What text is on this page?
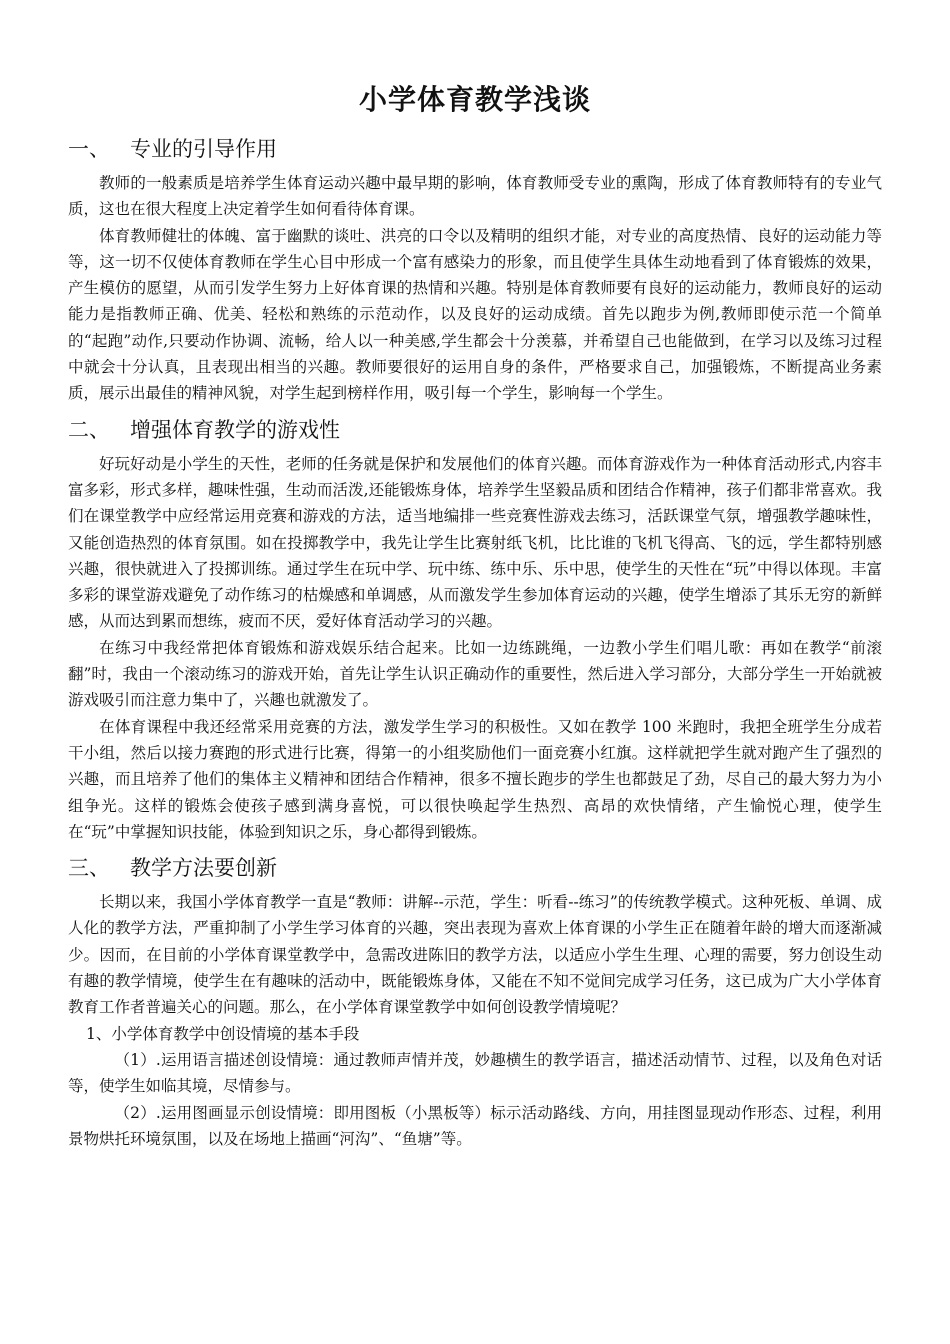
小学体育教学浅谈
一、 专业的引导作用

教师的一般素质是培养学生体育运动兴趣中最早期的影响，体育教师受专业的熏陶，形成了体育教师特有的专业气质，这也在很大程度上决定着学生如何看待体育课。

体育教师健壮的体魄、富于幽默的谈吐、洪亮的口令以及精明的组织才能，对专业的高度热情、良好的运动能力等等，这一切不仅使体育教师在学生心目中形成一个富有感染力的形象，而且使学生具体生动地看到了体育锻炼的效果，产生模仿的愿望，从而引发学生努力上好体育课的热情和兴趣。特别是体育教师要有良好的运动能力，教师良好的运动能力是指教师正确、优美、轻松和熟练的示范动作，以及良好的运动成绩。首先以跑步为例,教师即使示范一个简单的“起跑”动作,只要动作协调、流畅，给人以一种美感,学生都会十分羡慕，并希望自己也能做到，在学习以及练习过程中就会十分认真，且表现出相当的兴趣。教师要很好的运用自身的条件，严格要求自己，加强锻炼，不断提高业务素质，展示出最佳的精神风貌，对学生起到榜样作用，吸引每一个学生，影响每一个学生。

二、 增强体育教学的游戏性

好玩好动是小学生的天性，老师的任务就是保护和发展他们的体育兴趣。而体育游戏作为一种体育活动形式,内容丰富多彩，形式多样，趣味性强，生动而活泼,还能锻炼身体，培养学生坚毅品质和团结合作精神，孩子们都非常喜欢。我们在课堂教学中应经常运用竞赛和游戏的方法，适当地编排一些竞赛性游戏去练习，活跃课堂气氛，增强教学趣味性，又能创造热烈的体育氛围。如在投掷教学中，我先让学生比赛射纸飞机，比比谁的飞机飞得高、飞的远，学生都特别感兴趣，很快就进入了投掷训练。通过学生在玩中学、玩中练、练中乐、乐中思，使学生的天性在“玩”中得以体现。丰富多彩的课堂游戏避免了动作练习的枯燥感和单调感，从而激发学生参加体育运动的兴趣，使学生增添了其乐无穷的新鲜感，从而达到累而想练，疲而不厌，爱好体育活动学习的兴趣。

在练习中我经常把体育锻炼和游戏娱乐结合起来。比如一边练跳绳，一边教小学生们唱儿歌：再如在教学“前滚翻”时，我由一个滚动练习的游戏开始，首先让学生认识正确动作的重要性，然后进入学习部分，大部分学生一开始就被游戏吸引而注意力集中了，兴趣也就激发了。

在体育课程中我还经常采用竞赛的方法，激发学生学习的积极性。又如在教学 100 米跑时，我把全班学生分成若干小组，然后以接力赛跑的形式进行比赛，得第一的小组奖励他们一面竞赛小红旗。这样就把学生就对跑产生了强烈的兴趣，而且培养了他们的集体主义精神和团结合作精神，很多不擅长跑步的学生也都鼓足了劲，尽自己的最大努力为小组争光。这样的锻炼会使孩子感到满身喜悦，可以很快唤起学生热烈、高昂的欢快情绪，产生愉悦心理，使学生在“玩”中掌握知识技能，体验到知识之乐，身心都得到锻炼。

三、 教学方法要创新

长期以来，我国小学体育教学一直是“教师：讲解--示范，学生：听看--练习”的传统教学模式。这种死板、单调、成人化的教学方法，严重抑制了小学生学习体育的兴趣，突出表现为喜欢上体育课的小学生正在随着年龄的增大而逐渐减少。因而，在目前的小学体育课堂教学中，急需改进陈旧的教学方法，以适应小学生生理、心理的需要，努力创设生动有趣的教学情境，使学生在有趣味的活动中，既能锻炼身体，又能在不知不觉间完成学习任务，这已成为广大小学体育教育工作者普遍关心的问题。那么，在小学体育课堂教学中如何创设教学情境呢？

1、小学体育教学中创设情境的基本手段

（1）.运用语言描述创设情境：通过教师声情并茂，妙趣横生的教学语言，描述活动情节、过程，以及角色对话等，使学生如临其境，尽情参与。

（2）.运用图画显示创设情境：即用图板（小黑板等）标示活动路线、方向，用挂图显现动作形态、过程，利用景物烘托环境氛围，以及在场地上描画“河沟”、“鱼塘”等。
